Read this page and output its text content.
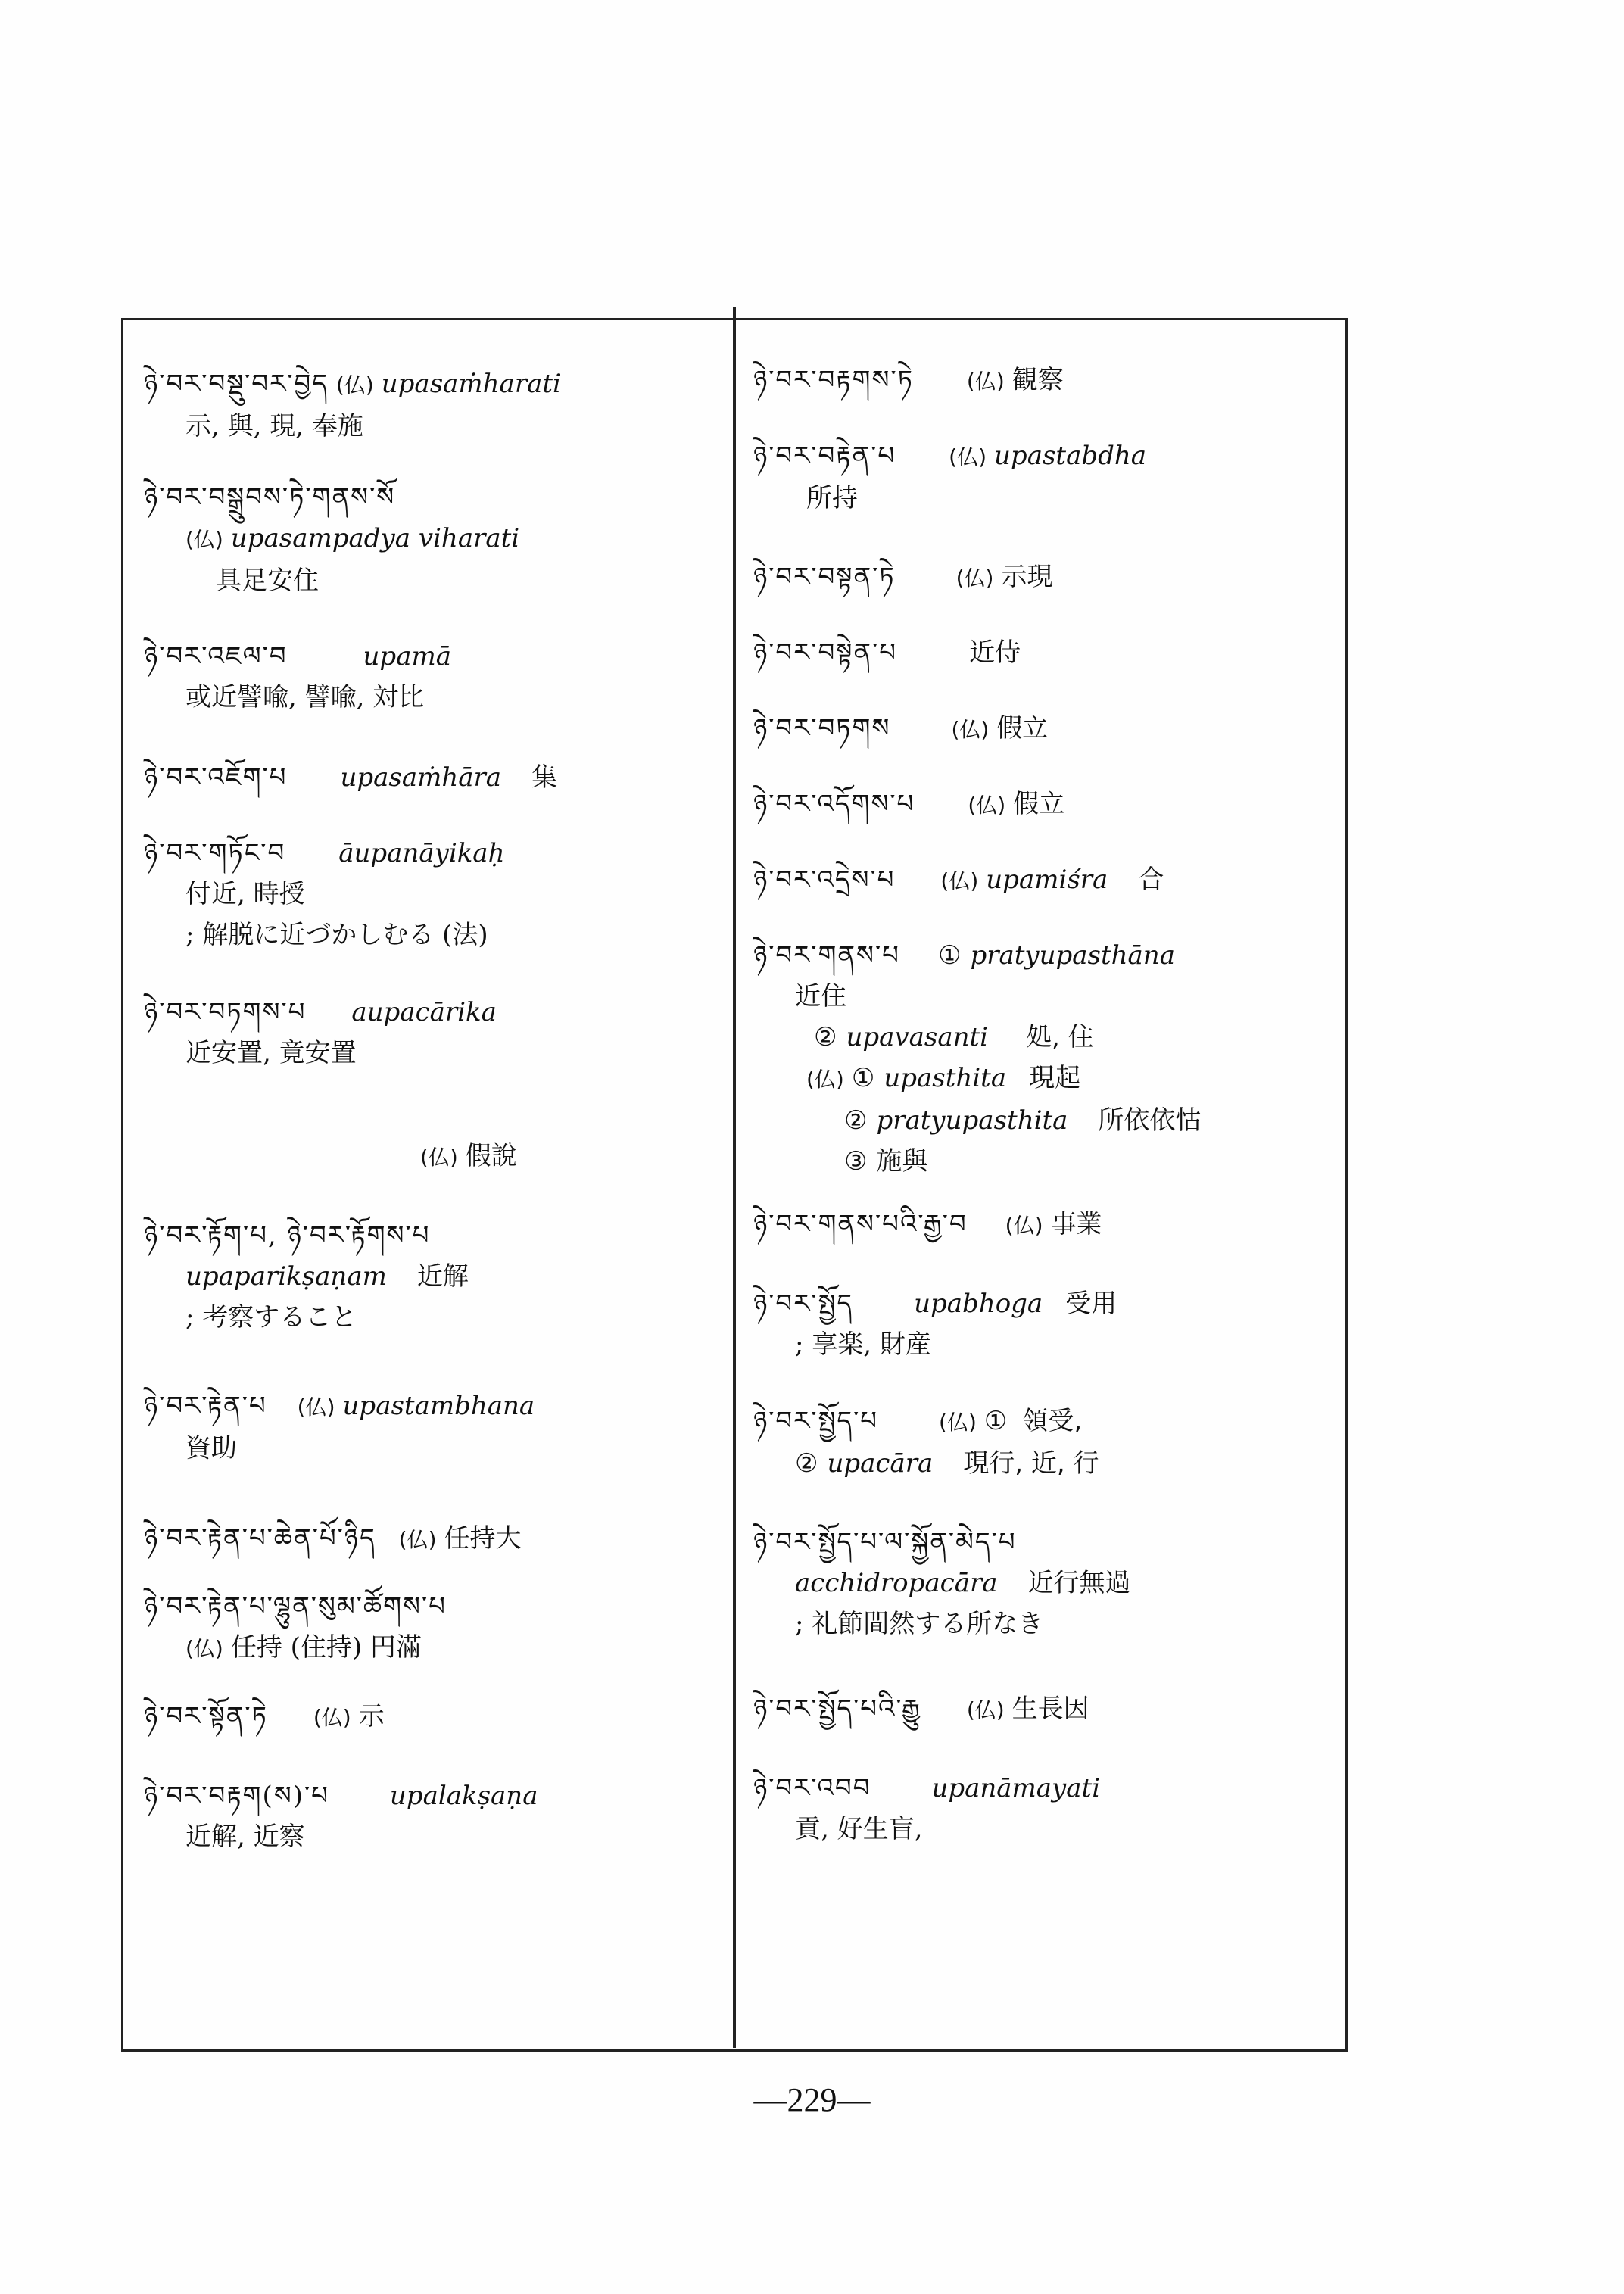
ཉེ་བར་བསྡུ་བར་བྱེད (仏) upasaṁharati
示, 與, 現, 奉施
ཉེ་བར་བསྒྲུབས་ཏེ་གནས་སོ
(仏) upasampadya viharati
具足安住
ཉེ་བར་འཇལ་བ	upamā
或近譬喩, 譬喩, 対比
ཉེ་བར་འཇོག་པ upasaṁhāra 集
ཉེ་བར་གཏོང་བ āupanāyikaḥ
付近, 時授
; 解脱に近づかしむる (法)
ཉེ་བར་བཏགས་པ aupacārika
近安置, 竟安置
(仏) 假說
ཉེ་བར་རྟོག་པ, ཉེ་བར་རྟོགས་པ
upaparikṣaṇam 近解
; 考察すること
ཉེ་བར་རྟེན་པ (仏) upastambhana
資助
ཉེ་བར་རྟེན་པ་ཆེན་པོ་ཉིད (仏) 任持大
ཉེ་བར་རྟེན་པ་ལྷུན་སུམ་ཚོགས་པ
(仏) 任持 (住持) 円滿
ཉེ་བར་སྟོན་ཏེ (仏) 示
ཉེ་བར་བརྟག(ས)་པ upalakṣaṇa
近解, 近察
ཉེ་བར་བརྟགས་ཏེ	(仏) 観察
ཉེ་བར་བརྟེན་པ	(仏) upastabdha
所持
ཉེ་བར་བསྟན་ཏེ	(仏) 示現
ཉེ་བར་བསྟེན་པ	近侍
ཉེ་བར་བཏགས	(仏) 假立
ཉེ་བར་འདོགས་པ	(仏) 假立
ཉེ་བར་འདྲེས་པ (仏) upamiśra 合
ཉེ་བར་གནས་པ ① pratyupasthāna
近住
② upavasanti 処, 住
(仏) ① upasthita 現起
② pratyupasthita 所依依怙
③ 施與
ཉེ་བར་གནས་པའི་རྒྱ་བ (仏) 事業
ཉེ་བར་སྤྱོད upabhoga 受用
; 享楽, 財産
ཉེ་བར་སྤྱོད་པ	(仏) ① 領受,
② upacāra 現行, 近, 行
ཉེ་བར་སྤྱོད་པ་ལ་སྐྱོན་མེད་པ
acchidropacāra 近行無過
; 礼節間然する所なき
ཉེ་བར་སྤྱོད་པའི་རྒྱུ (仏) 生長因
ཉེ་བར་འབབ upanāmayati
貢, 好生盲,
—229—
